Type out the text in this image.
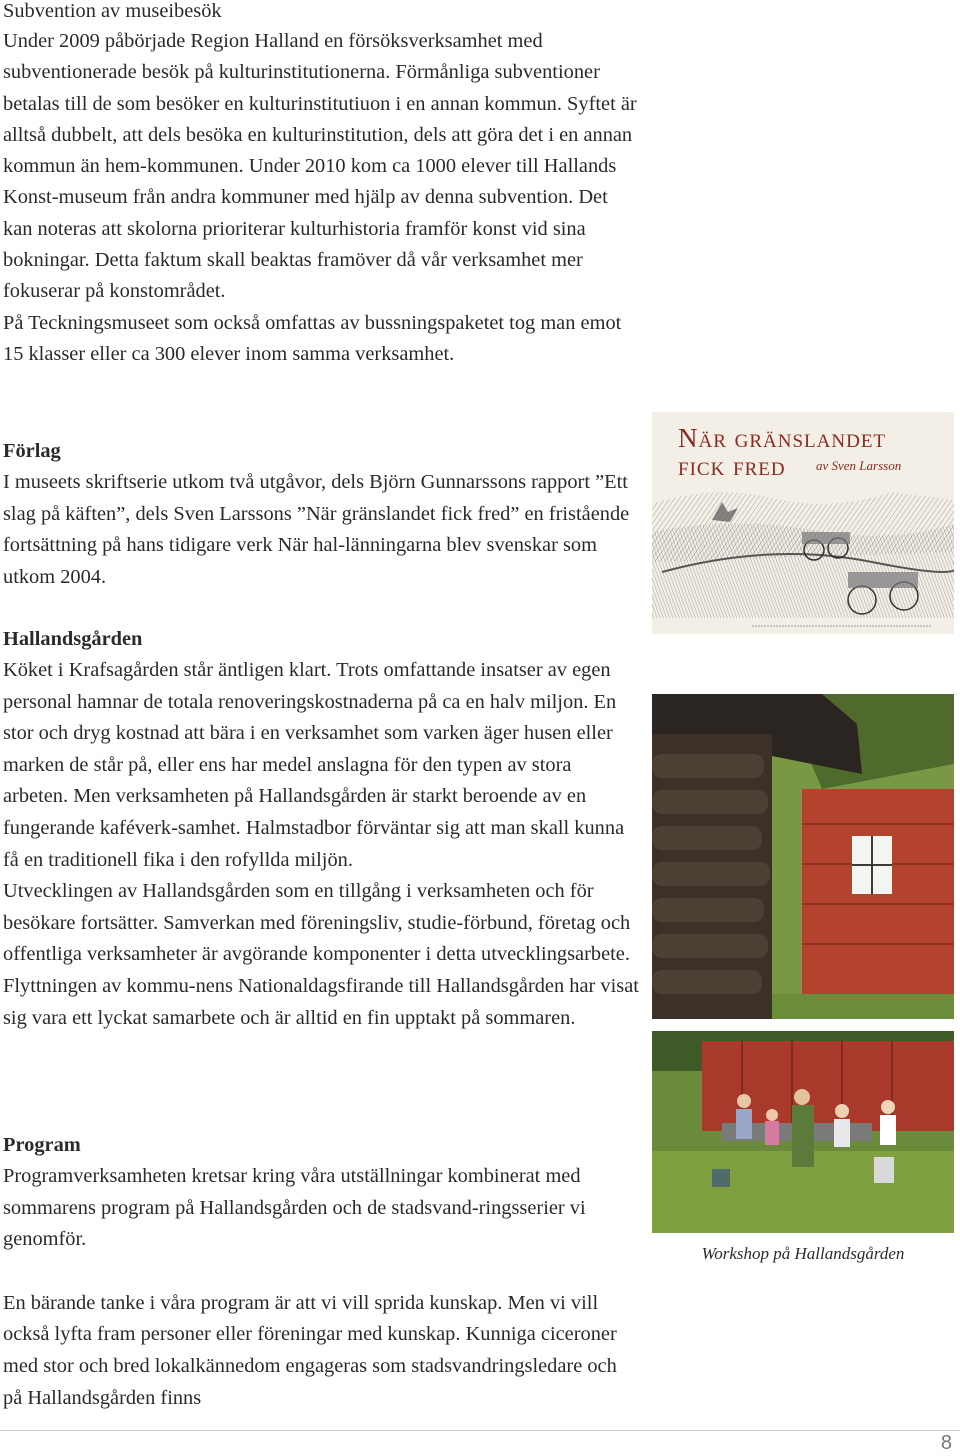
Subvention av museibesök

Under 2009 påbörjade Region Halland en försöksverksamhet med subventionerade besök på kulturinstitutionerna. Förmånliga subventioner betalas till de som besöker en kulturinstitutiuon i en annan kommun. Syftet är alltså dubbelt, att dels besöka en kulturinstitution, dels att göra det i en annan kommun än hem-kommunen. Under 2010 kom ca 1000 elever till Hallands Konst-museum från andra kommuner med hjälp av denna subvention. Det kan noteras att skolorna prioriterar kulturhistoria framför konst vid sina bokningar. Detta faktum skall beaktas framöver då vår verksamhet mer fokuserar på konstområdet.

På Teckningsmuseet som också omfattas av bussningspaketet tog man emot 15 klasser eller ca 300 elever inom samma verksamhet.

Förlag

I museets skriftserie utkom två utgåvor, dels Björn Gunnarssons rapport ”Ett slag på käften”, dels Sven Larssons ”När gränslandet fick fred” en fristående fortsättning på hans tidigare verk När hal-länningarna blev svenskar som utkom 2004.

Hallandsgården

Köket i Krafsagården står äntligen klart. Trots omfattande insatser av egen personal hamnar de totala renoveringskostnaderna på ca en halv miljon. En stor och dryg kostnad att bära i en verksamhet som varken äger husen eller marken de står på, eller ens har medel anslagna för den typen av stora arbeten. Men verksamheten på Hallandsgården är starkt beroende av en fungerande kaféverk-samhet. Halmstadbor förväntar sig att man skall kunna få en traditionell fika i den rofyllda miljön.

Utvecklingen av Hallandsgården som en tillgång i verksamheten och för besökare fortsätter. Samverkan med föreningsliv, studie-förbund, företag och offentliga verksamheter är avgörande komponenter i detta utvecklingsarbete. Flyttningen av kommu-nens Nationaldagsfirande till Hallandsgården har visat sig vara ett lyckat samarbete och är alltid en fin upptakt på sommaren.

Program

Programverksamheten kretsar kring våra utställningar kombinerat med sommarens program på Hallandsgården och de stadsvand-ringsserier vi genomför.

En bärande tanke i våra program är att vi vill sprida kunskap. Men vi vill också lyfta fram personer eller föreningar med kunskap. Kunniga ciceroner med stor och bred lokalkännedom engageras som stadsvandringsledare och på Hallandsgården finns

När gränslandet
fick fred	av Sven Larsson
Workshop på Hallandsgården
8
